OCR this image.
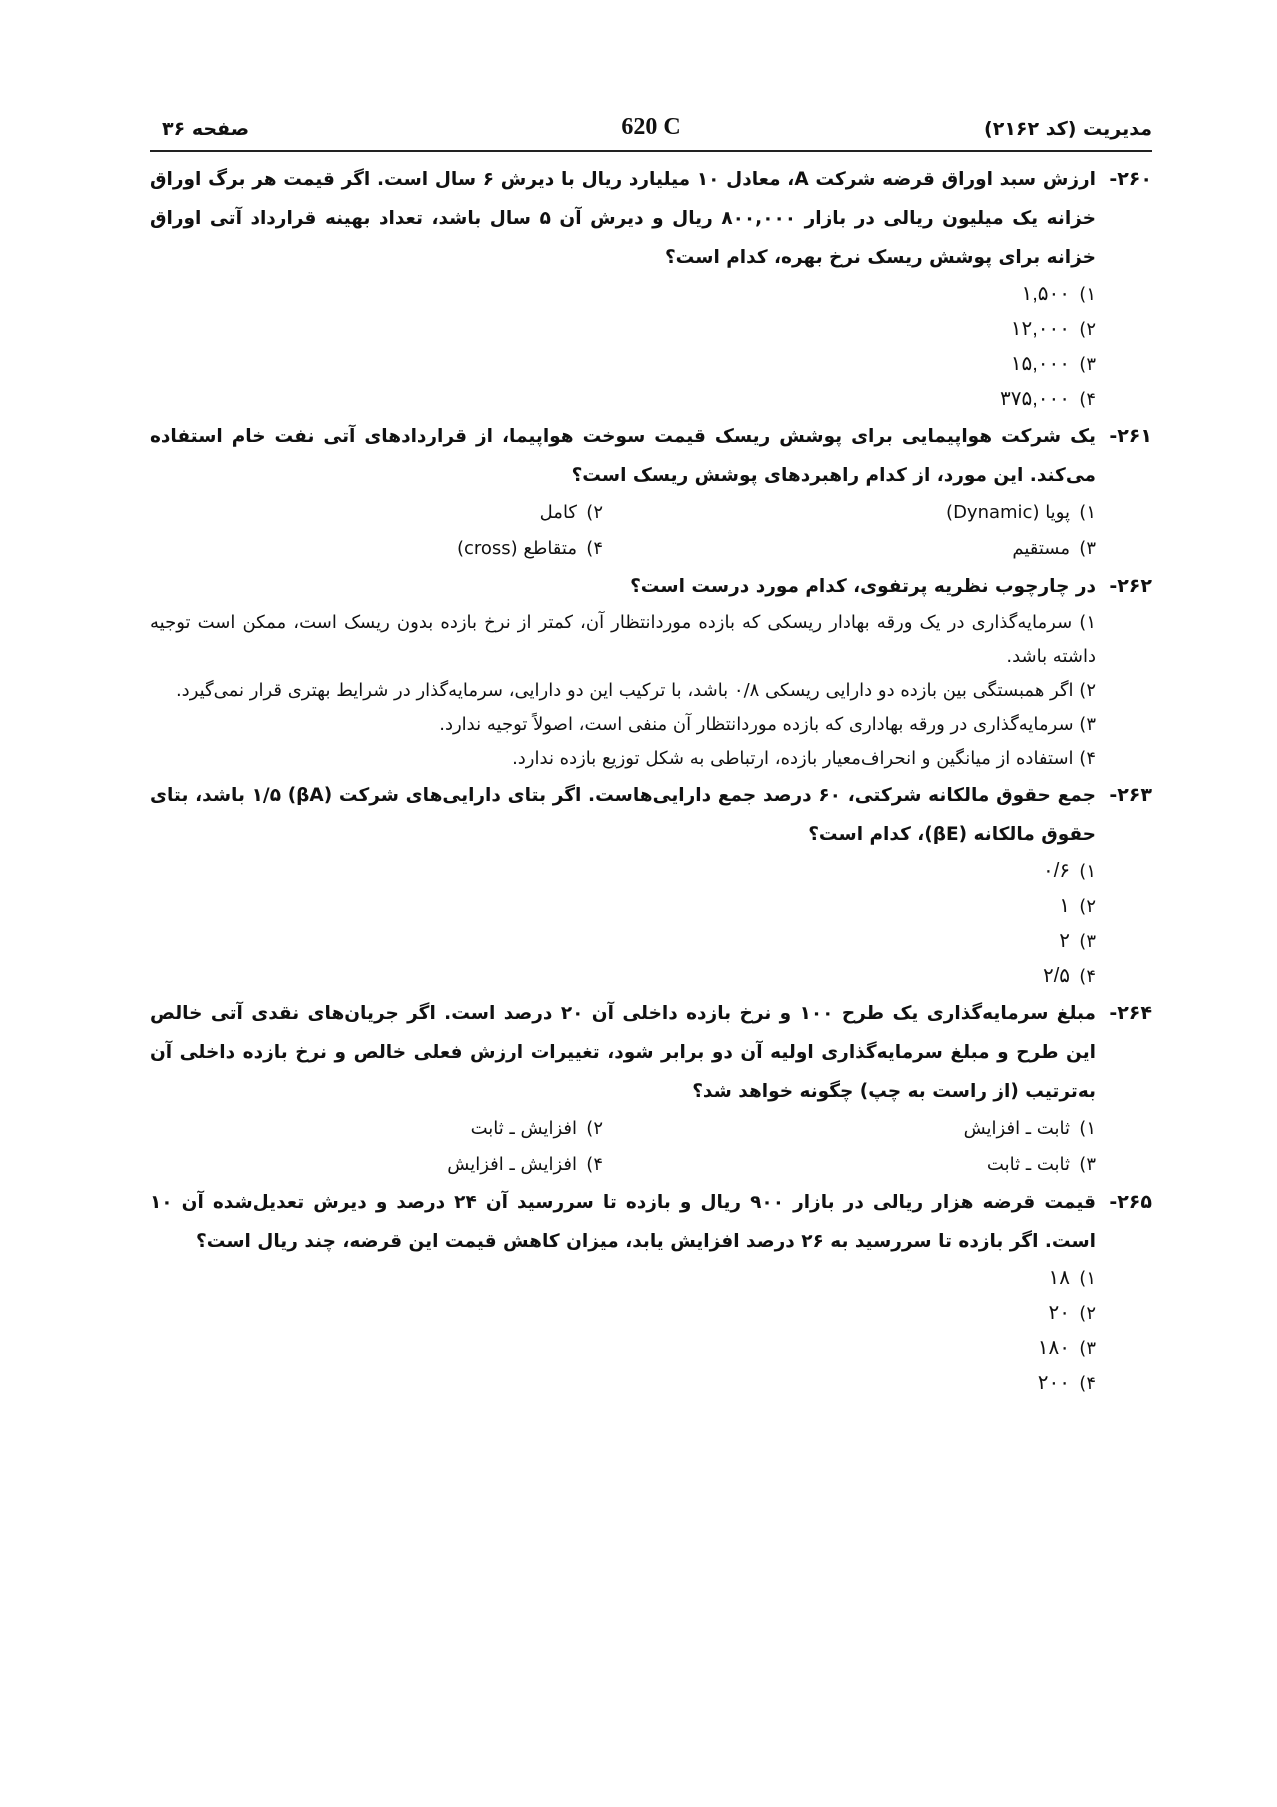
مدیریت (کد ۲۱۶۲)
620 C
صفحه ۳۶
۲۶۰-
ارزش سبد اوراق قرضه شرکت A، معادل ۱۰ میلیارد ریال با دیرش ۶ سال است. اگر قیمت هر برگ اوراق خزانه یک میلیون ریالی در بازار ۸۰۰,۰۰۰ ریال و دیرش آن ۵ سال باشد، تعداد بهینه قرارداد آتی اوراق خزانه برای پوشش ریسک نرخ بهره، کدام است؟
۱)۱,۵۰۰
۲)۱۲,۰۰۰
۳)۱۵,۰۰۰
۴)۳۷۵,۰۰۰
۲۶۱-
یک شرکت هواپیمایی برای پوشش ریسک قیمت سوخت هواپیما، از قراردادهای آتی نفت خام استفاده می‌کند. این مورد، از کدام راهبردهای پوشش ریسک است؟
۱)پویا (Dynamic)
۲)کامل
۳)مستقیم
۴)متقاطع (cross)
۲۶۲-
در چارچوب نظریه پرتفوی، کدام مورد درست است؟
۱) سرمایه‌گذاری در یک ورقه بهادار ریسکی که بازده موردانتظار آن، کمتر از نرخ بازده بدون ریسک است، ممکن است توجیه داشته باشد.
۲) اگر همبستگی بین بازده دو دارایی ریسکی ۰/۸ باشد، با ترکیب این دو دارایی، سرمایه‌گذار در شرایط بهتری قرار نمی‌گیرد.
۳) سرمایه‌گذاری در ورقه بهاداری که بازده موردانتظار آن منفی است، اصولاً توجیه ندارد.
۴) استفاده از میانگین و انحراف‌معیار بازده، ارتباطی به شکل توزیع بازده ندارد.
۲۶۳-
جمع حقوق مالکانه شرکتی، ۶۰ درصد جمع دارایی‌هاست. اگر بتای دارایی‌های شرکت (βA) ۱/۵ باشد، بتای حقوق مالکانه (βE)، کدام است؟
۱)۰/۶
۲)۱
۳)۲
۴)۲/۵
۲۶۴-
مبلغ سرمایه‌گذاری یک طرح ۱۰۰ و نرخ بازده داخلی آن ۲۰ درصد است. اگر جریان‌های نقدی آتی خالص این طرح و مبلغ سرمایه‌گذاری اولیه آن دو برابر شود، تغییرات ارزش فعلی خالص و نرخ بازده داخلی آن به‌ترتیب (از راست به چپ) چگونه خواهد شد؟
۱)ثابت ـ افزایش
۲)افزایش ـ ثابت
۳)ثابت ـ ثابت
۴)افزایش ـ افزایش
۲۶۵-
قیمت قرضه هزار ریالی در بازار ۹۰۰ ریال و بازده تا سررسید آن ۲۴ درصد و دیرش تعدیل‌شده آن ۱۰ است. اگر بازده تا سررسید به ۲۶ درصد افزایش یابد، میزان کاهش قیمت این قرضه، چند ریال است؟
۱)۱۸
۲)۲۰
۳)۱۸۰
۴)۲۰۰
